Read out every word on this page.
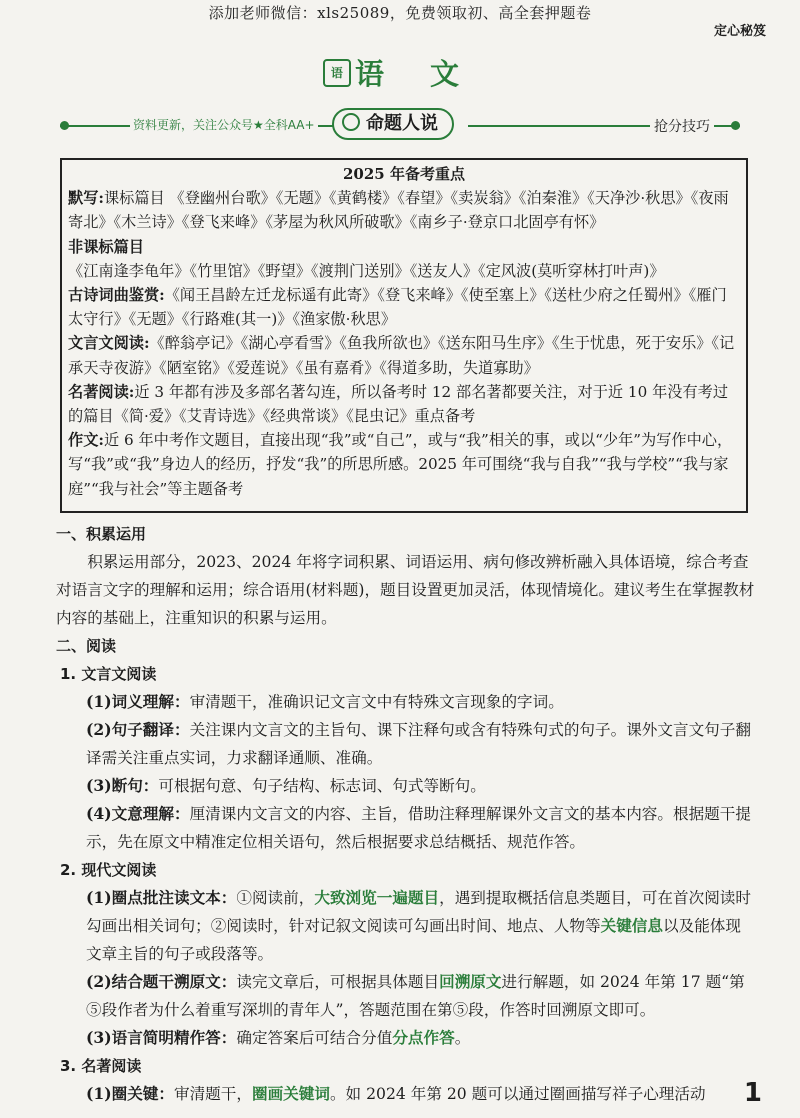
添加老师微信：xls25089，免费领取初、高全套押题卷
定心秘笈
语 语 文
资料更新，关注公众号★全科AA+	命题人说	抢分技巧
2025 年备考重点

默写:课标篇目 《登幽州台歌》《无题》《黄鹤楼》《春望》《卖炭翁》《泊秦淮》《天净沙·秋思》《夜雨寄北》《木兰诗》《登飞来峰》《茅屋为秋风所破歌》《南乡子·登京口北固亭有怀》

非课标篇目 《江南逢李龟年》《竹里馆》《野望》《渡荆门送别》《送友人》《定风波(莫听穿林打叶声)》

古诗词曲鉴赏:《闻王昌龄左迁龙标遥有此寄》《登飞来峰》《使至塞上》《送杜少府之任蜀州》《雁门太守行》《无题》《行路难(其一)》《渔家傲·秋思》

文言文阅读:《醉翁亭记》《湖心亭看雪》《鱼我所欲也》《送东阳马生序》《生于忧患，死于安乐》《记承天寺夜游》《陋室铭》《爱莲说》《虽有嘉肴》《得道多助，失道寡助》

名著阅读:近 3 年都有涉及多部名著勾连，所以备考时 12 部名著都要关注，对于近 10 年没有考过的篇目《简·爱》《艾青诗选》《经典常谈》《昆虫记》重点备考

作文:近 6 年中考作文题目，直接出现“我”或“自己”，或与“我”相关的事，或以“少年”为写作中心，写“我”或“我”身边人的经历，抒发“我”的所思所感。2025 年可围绕“我与自我”“我与学校”“我与家庭”“我与社会”等主题备考

一、积累运用

积累运用部分，2023、2024 年将字词积累、词语运用、病句修改辨析融入具体语境，综合考查对语言文字的理解和运用；综合语用(材料题)，题目设置更加灵活，体现情境化。建议考生在掌握教材内容的基础上，注重知识的积累与运用。

二、阅读

1. 文言文阅读

(1)词义理解：审清题干，准确识记文言文中有特殊文言现象的字词。

(2)句子翻译：关注课内文言文的主旨句、课下注释句或含有特殊句式的句子。课外文言文句子翻译需关注重点实词，力求翻译通顺、准确。

(3)断句：可根据句意、句子结构、标志词、句式等断句。

(4)文意理解：厘清课内文言文的内容、主旨，借助注释理解课外文言文的基本内容。根据题干提示，先在原文中精准定位相关语句，然后根据要求总结概括、规范作答。

2. 现代文阅读

(1)圈点批注读文本：①阅读前，大致浏览一遍题目，遇到提取概括信息类题目，可在首次阅读时勾画出相关词句；②阅读时，针对记叙文阅读可勾画出时间、地点、人物等关键信息以及能体现文章主旨的句子或段落等。

(2)结合题干溯原文：读完文章后，可根据具体题目回溯原文进行解题，如 2024 年第 17 题“第⑤段作者为什么着重写深圳的青年人”，答题范围在第⑤段，作答时回溯原文即可。

(3)语言简明精作答：确定答案后可结合分值分点作答。

3. 名著阅读

(1)圈关键：审清题干，圈画关键词。如 2024 年第 20 题可以通过圈画描写祥子心理活动	1
